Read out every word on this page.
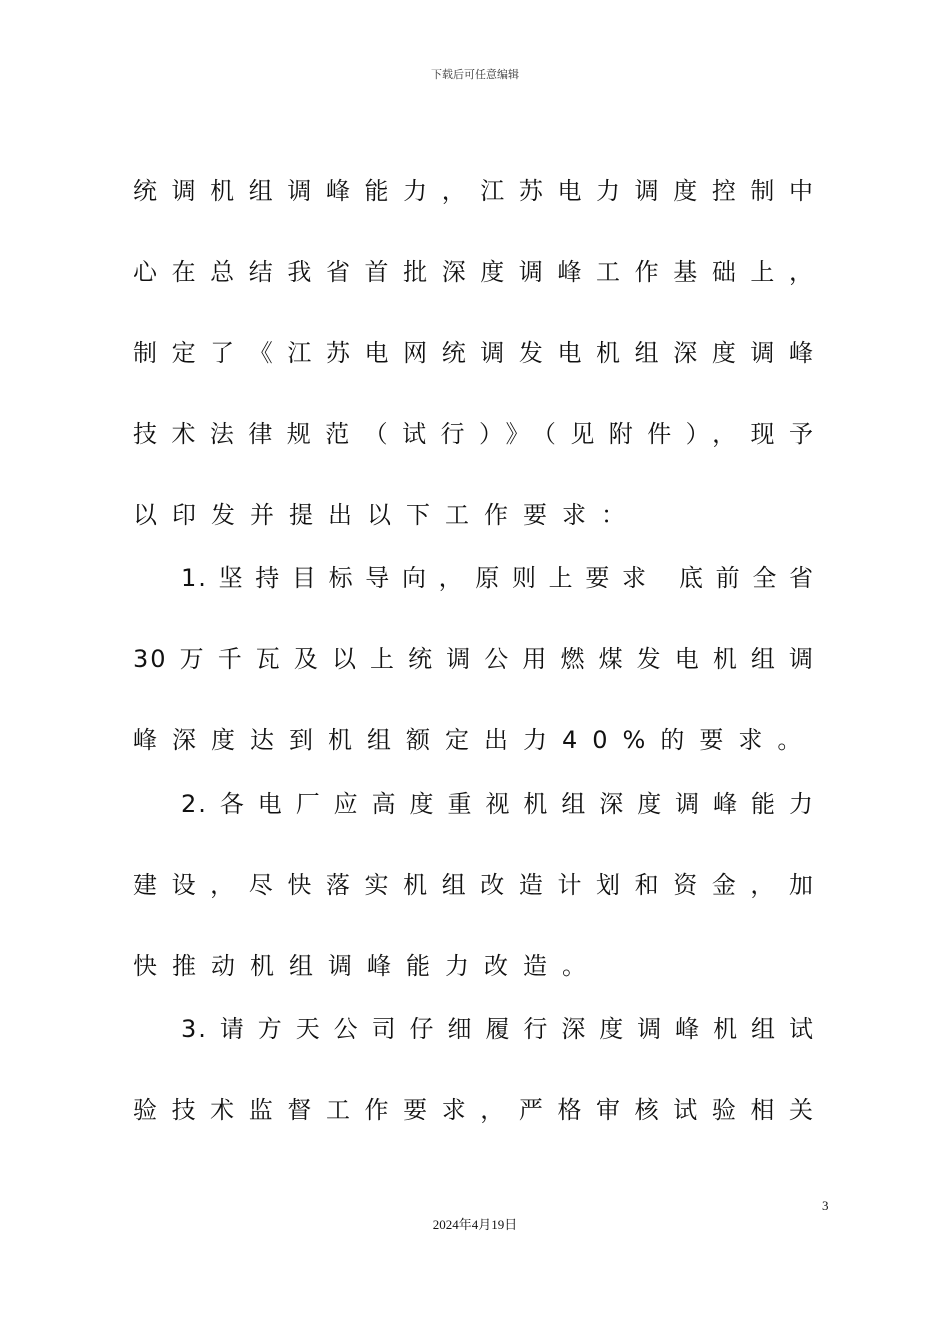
下载后可任意编辑
统调机组调峰能力，江苏电力调度控制中
心在总结我省首批深度调峰工作基础上，
制定了《江苏电网统调发电机组深度调峰
技术法律规范（试行）》（见附件），现予
以印发并提出以下工作要求：
1.坚持目标导向，原则上要求 底前全省
30万千瓦及以上统调公用燃煤发电机组调
峰深度达到机组额定出力40%的要求。
2.各电厂应高度重视机组深度调峰能力
建设，尽快落实机组改造计划和资金，加
快推动机组调峰能力改造。
3.请方天公司仔细履行深度调峰机组试
验技术监督工作要求，严格审核试验相关
3
2024年4月19日
